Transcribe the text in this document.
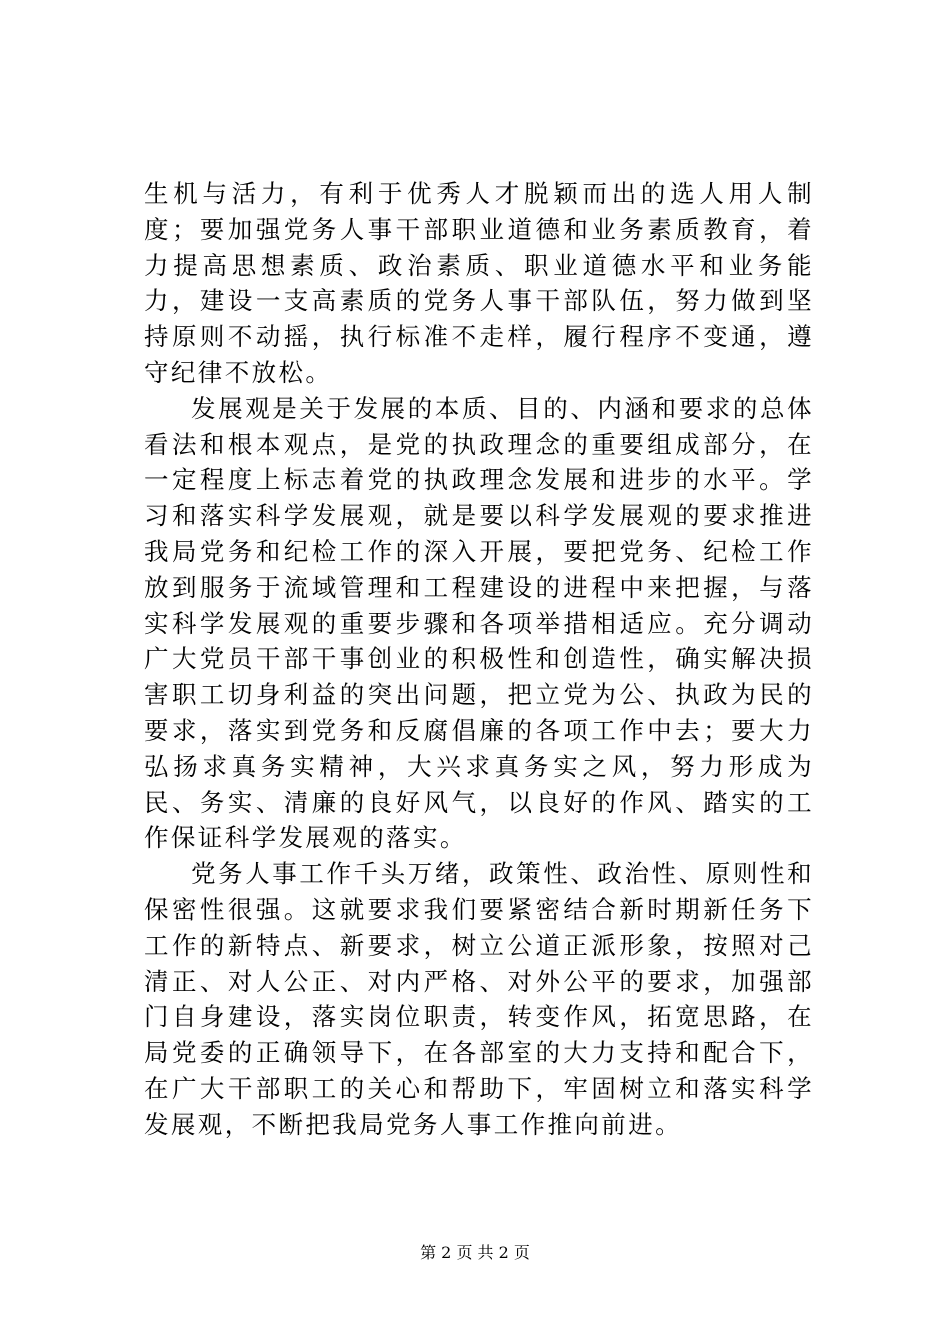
生机与活力，有利于优秀人才脱颖而出的选人用人制度；要加强党务人事干部职业道德和业务素质教育，着力提高思想素质、政治素质、职业道德水平和业务能力，建设一支高素质的党务人事干部队伍，努力做到坚持原则不动摇，执行标准不走样，履行程序不变通，遵守纪律不放松。

发展观是关于发展的本质、目的、内涵和要求的总体看法和根本观点，是党的执政理念的重要组成部分，在一定程度上标志着党的执政理念发展和进步的水平。学习和落实科学发展观，就是要以科学发展观的要求推进我局党务和纪检工作的深入开展，要把党务、纪检工作放到服务于流域管理和工程建设的进程中来把握，与落实科学发展观的重要步骤和各项举措相适应。充分调动广大党员干部干事创业的积极性和创造性，确实解决损害职工切身利益的突出问题，把立党为公、执政为民的要求，落实到党务和反腐倡廉的各项工作中去；要大力弘扬求真务实精神，大兴求真务实之风，努力形成为民、务实、清廉的良好风气，以良好的作风、踏实的工作保证科学发展观的落实。

党务人事工作千头万绪，政策性、政治性、原则性和保密性很强。这就要求我们要紧密结合新时期新任务下工作的新特点、新要求，树立公道正派形象，按照对己清正、对人公正、对内严格、对外公平的要求，加强部门自身建设，落实岗位职责，转变作风，拓宽思路，在局党委的正确领导下，在各部室的大力支持和配合下，在广大干部职工的关心和帮助下，牢固树立和落实科学发展观，不断把我局党务人事工作推向前进。

第 2 页 共 2 页
